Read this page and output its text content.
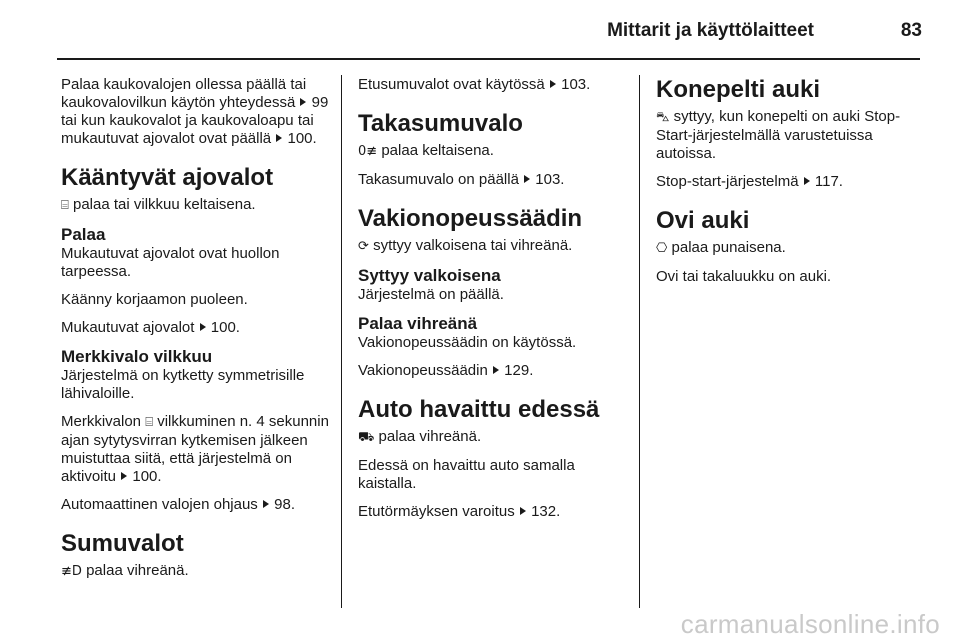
Mittarit ja käyttölaitteet	83

Palaa kaukovalojen ollessa päällä tai kaukovalovilkun käytön yhteydessä 99 tai kun kaukovalot ja kaukovaloapu tai mukautuvat ajovalot ovat päällä 100.

Kääntyvät ajovalot

⌸ palaa tai vilkkuu keltaisena.

Palaa

Mukautuvat ajovalot ovat huollon tarpeessa.

Käänny korjaamon puoleen.

Mukautuvat ajovalot 100.

Merkkivalo vilkkuu

Järjestelmä on kytketty symmetrisille lähivaloille.

Merkkivalon ⌸ vilkkuminen n. 4 sekunnin ajan sytytysvirran kytkemisen jälkeen muistuttaa siitä, että järjestelmä on aktivoitu 100.

Automaattinen valojen ohjaus 98.

Sumuvalot

≢D palaa vihreänä.

Etusumuvalot ovat käytössä 103.

Takasumuvalo

0≢ palaa keltaisena.

Takasumuvalo on päällä 103.

Vakionopeussäädin

⟳ syttyy valkoisena tai vihreänä.

Syttyy valkoisena

Järjestelmä on päällä.

Palaa vihreänä

Vakionopeussäädin on käytössä.

Vakionopeussäädin 129.

Auto havaittu edessä

⛟ palaa vihreänä.

Edessä on havaittu auto samalla kaistalla.

Etutörmäyksen varoitus 132.

Konepelti auki

⛍ syttyy, kun konepelti on auki Stop-Start-järjestelmällä varustetuissa autoissa.

Stop-start-järjestelmä 117.

Ovi auki

⎔ palaa punaisena.

Ovi tai takaluukku on auki.

carmanualsonline.info
